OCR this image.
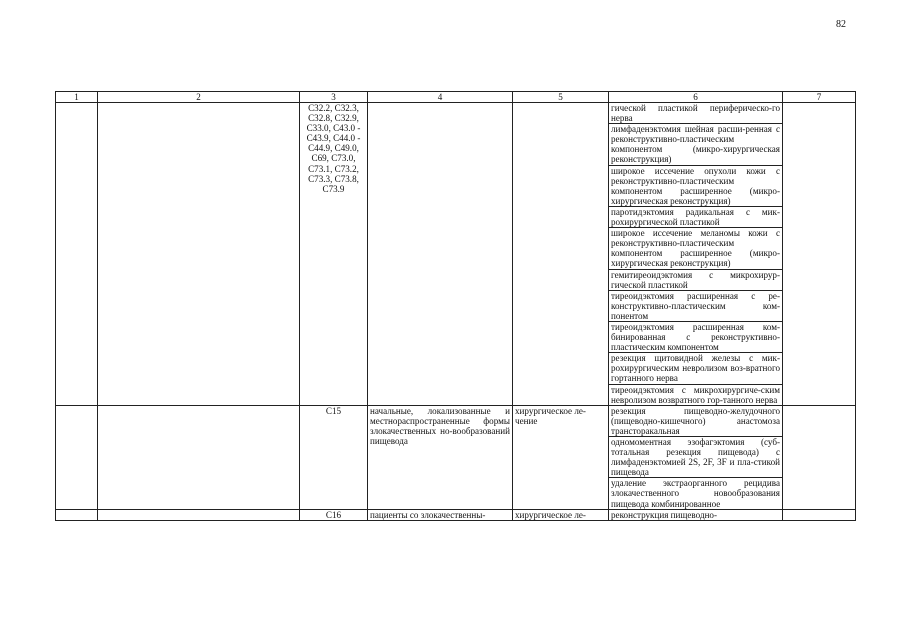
82
1	2	3	4	5	6	7
		C32.2, C32.3, C32.8, C32.9, C33.0, C43.0 -C43.9, C44.0 - C44.9, C49.0, C69, C73.0, C73.1, C73.2, C73.3, C73.8, C73.9			гической пластикой периферическо-го нерва	
					лимфаденэктомия шейная расши-ренная с реконструктивно-пластическим компонентом (микро-хирургическая реконструкция)	
					широкое иссечение опухоли кожи с реконструктивно-пластическим компонентом расширенное (микро-хирургическая реконструкция)	
					паротидэктомия радикальная с мик-рохирургической пластикой	
					широкое иссечение меланомы кожи с реконструктивно-пластическим компонентом расширенное (микро-хирургическая реконструкция)	
					гемитиреоидэктомия с микрохирур-гической пластикой	
					тиреоидэктомия расширенная с ре-конструктивно-пластическим ком-понентом	
					тиреоидэктомия расширенная ком-бинированная с реконструктивно-пластическим компонентом	
					резекция щитовидной железы с мик-рохирургическим невролизом воз-вратного гортанного нерва	
					тиреоидэктомия с микрохирургиче-ским невролизом возвратного гор-танного нерва	
		C15	начальные, локализованные и местнораспространенные формы злокачественных но-вообразований пищевода	хирургическое ле-чение	резекция пищеводно-желудочного (пищеводно-кишечного) анастомоза трансторакальная	
					одномоментная эзофагэктомия (суб-тотальная резекция пищевода) с лимфаденэктомией 2S, 2F, 3F и пла-стикой пищевода	
					удаление экстраорганного рецидива злокачественного новообразования пищевода комбинированное	
		C16	пациенты со злокачественны-	хирургическое ле-	реконструкция пищеводно-	
